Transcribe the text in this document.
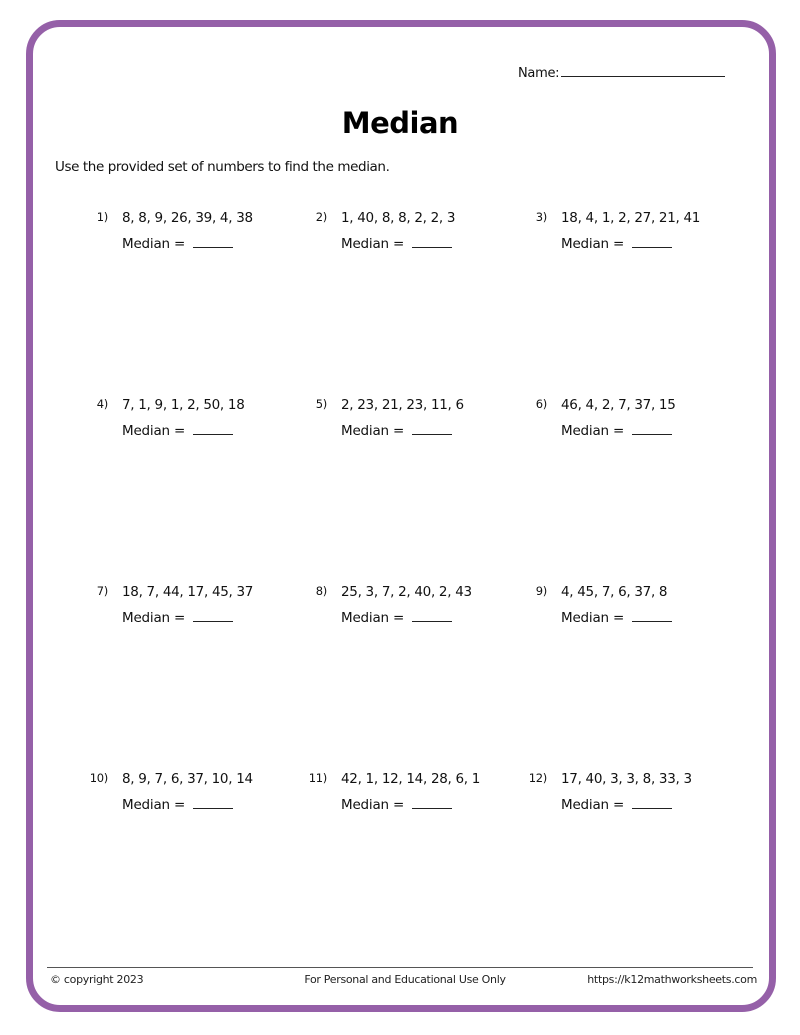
Name:
Median
Use the provided set of numbers to find the median.
1) 8, 8, 9, 26, 39, 4, 38
Median =
2) 1, 40, 8, 8, 2, 2, 3
Median =
3) 18, 4, 1, 2, 27, 21, 41
Median =
4) 7, 1, 9, 1, 2, 50, 18
Median =
5) 2, 23, 21, 23, 11, 6
Median =
6) 46, 4, 2, 7, 37, 15
Median =
7) 18, 7, 44, 17, 45, 37
Median =
8) 25, 3, 7, 2, 40, 2, 43
Median =
9) 4, 45, 7, 6, 37, 8
Median =
10) 8, 9, 7, 6, 37, 10, 14
Median =
11) 42, 1, 12, 14, 28, 6, 1
Median =
12) 17, 40, 3, 3, 8, 33, 3
Median =
© copyright 2023	For Personal and Educational Use Only	https://k12mathworksheets.com
